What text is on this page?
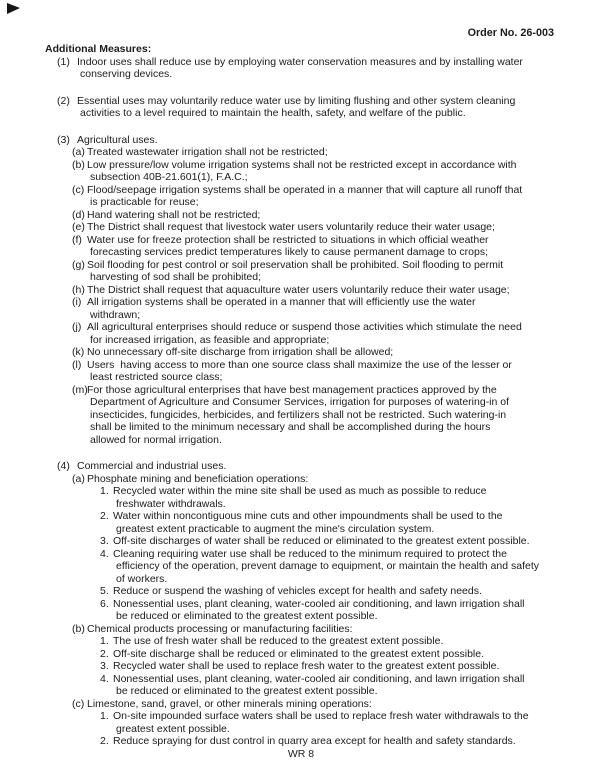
Order No. 26-003
Additional Measures:
(1) Indoor uses shall reduce use by employing water conservation measures and by installing water
conserving devices.
(2) Essential uses may voluntarily reduce water use by limiting flushing and other system cleaning
activities to a level required to maintain the health, safety, and welfare of the public.
(3) Agricultural uses.
(a) Treated wastewater irrigation shall not be restricted;
(b) Low pressure/low volume irrigation systems shall not be restricted except in accordance with
subsection 40B-21.601(1), F.A.C.;
(c) Flood/seepage irrigation systems shall be operated in a manner that will capture all runoff that
is practicable for reuse;
(d) Hand watering shall not be restricted;
(e) The District shall request that livestock water users voluntarily reduce their water usage;
(f) Water use for freeze protection shall be restricted to situations in which official weather
forecasting services predict temperatures likely to cause permanent damage to crops;
(g) Soil flooding for pest control or soil preservation shall be prohibited. Soil flooding to permit
harvesting of sod shall be prohibited;
(h) The District shall request that aquaculture water users voluntarily reduce their water usage;
(i) All irrigation systems shall be operated in a manner that will efficiently use the water
withdrawn;
(j) All agricultural enterprises should reduce or suspend those activities which stimulate the need
for increased irrigation, as feasible and appropriate;
(k) No unnecessary off-site discharge from irrigation shall be allowed;
(l) Users  having access to more than one source class shall maximize the use of the lesser or
least restricted source class;
(m) For those agricultural enterprises that have best management practices approved by the
Department of Agriculture and Consumer Services, irrigation for purposes of watering-in of
insecticides, fungicides, herbicides, and fertilizers shall not be restricted. Such watering-in
shall be limited to the minimum necessary and shall be accomplished during the hours
allowed for normal irrigation.
(4) Commercial and industrial uses.
(a) Phosphate mining and beneficiation operations:
1. Recycled water within the mine site shall be used as much as possible to reduce
freshwater withdrawals.
2. Water within noncontiguous mine cuts and other impoundments shall be used to the
greatest extent practicable to augment the mine's circulation system.
3. Off-site discharges of water shall be reduced or eliminated to the greatest extent possible.
4. Cleaning requiring water use shall be reduced to the minimum required to protect the
efficiency of the operation, prevent damage to equipment, or maintain the health and safety
of workers.
5. Reduce or suspend the washing of vehicles except for health and safety needs.
6. Nonessential uses, plant cleaning, water-cooled air conditioning, and lawn irrigation shall
be reduced or eliminated to the greatest extent possible.
(b) Chemical products processing or manufacturing facilities:
1. The use of fresh water shall be reduced to the greatest extent possible.
2. Off-site discharge shall be reduced or eliminated to the greatest extent possible.
3. Recycled water shall be used to replace fresh water to the greatest extent possible.
4. Nonessential uses, plant cleaning, water-cooled air conditioning, and lawn irrigation shall
be reduced or eliminated to the greatest extent possible.
(c) Limestone, sand, gravel, or other minerals mining operations:
1. On-site impounded surface waters shall be used to replace fresh water withdrawals to the
greatest extent possible.
2. Reduce spraying for dust control in quarry area except for health and safety standards.
WR 8
